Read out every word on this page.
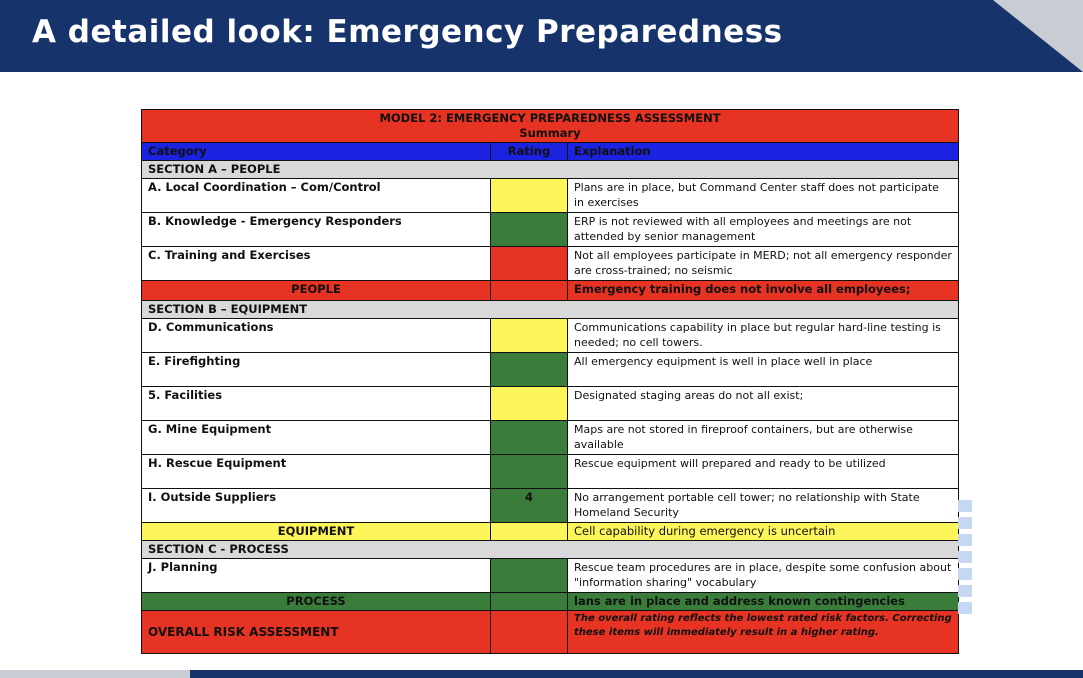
A detailed look: Emergency Preparedness
MODEL 2: EMERGENCY PREPAREDNESS ASSESSMENT
Summary		

Category	Rating	Explanation
SECTION A – PEOPLE		
A. Local Coordination – Com/Control		Plans are in place, but Command Center staff does not participate in exercises
B. Knowledge - Emergency Responders		ERP is not reviewed with all employees and meetings are not attended by senior management
C. Training and Exercises		Not all employees participate in MERD; not all emergency responder are cross-trained; no seismic
PEOPLE		Emergency training does not involve all employees;
SECTION B – EQUIPMENT		
D. Communications		Communications capability in place but regular hard-line testing is needed; no cell towers.
E. Firefighting		All emergency equipment is well in place well in place
5. Facilities		Designated staging areas do not all exist;
G. Mine Equipment		Maps are not stored in fireproof containers, but are otherwise available
H. Rescue Equipment		Rescue equipment will prepared and ready to be utilized
I. Outside Suppliers	4	No arrangement portable cell tower; no relationship with State Homeland Security
EQUIPMENT		Cell capability during emergency is uncertain
SECTION C - PROCESS		
J. Planning		Rescue team procedures are in place, despite some confusion about "information sharing" vocabulary
PROCESS		lans are in place and address known contingencies
OVERALL RISK ASSESSMENT		The overall rating reflects the lowest rated risk factors. Correcting these items will immediately result in a higher rating.
